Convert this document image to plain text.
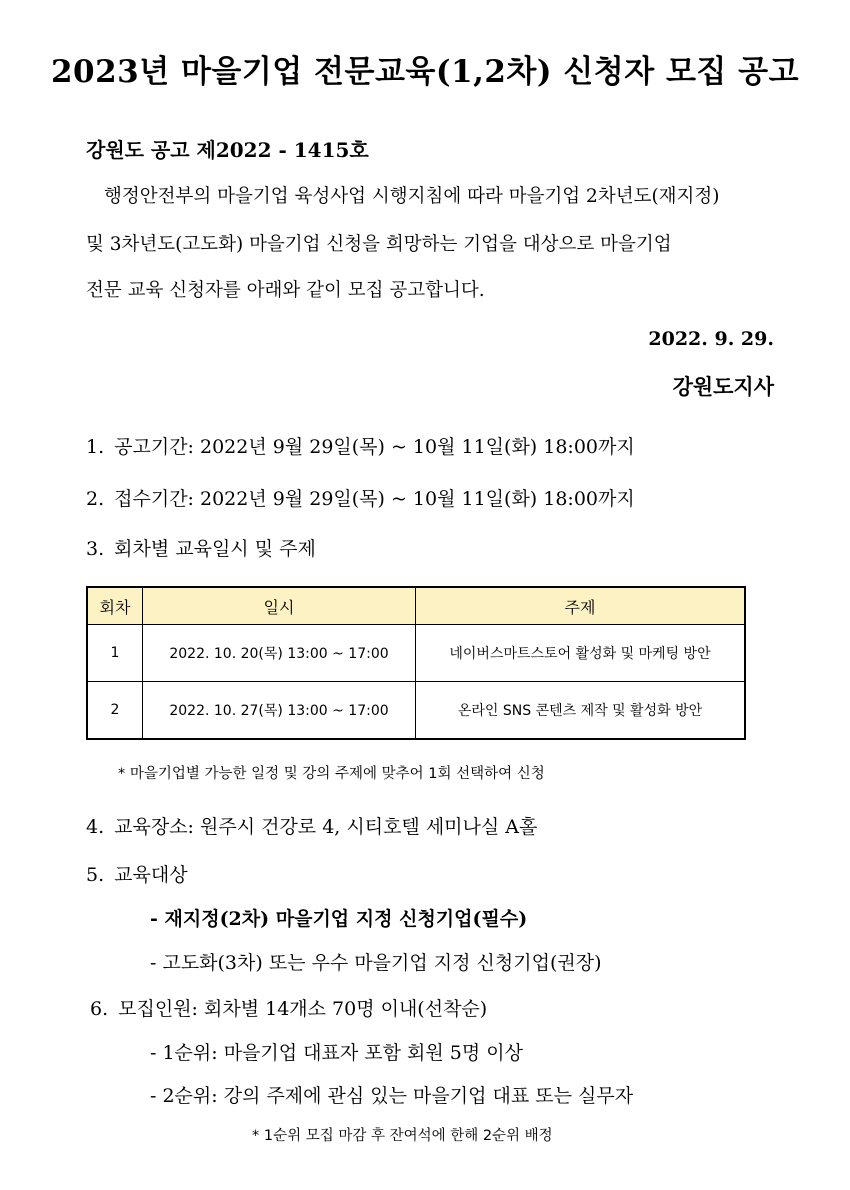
2023년 마을기업 전문교육(1,2차) 신청자 모집 공고
강원도 공고 제2022 - 1415호
행정안전부의 마을기업 육성사업 시행지침에 따라 마을기업 2차년도(재지정)
및 3차년도(고도화) 마을기업 신청을 희망하는 기업을 대상으로 마을기업
전문 교육 신청자를 아래와 같이 모집 공고합니다.
2022. 9. 29.
강원도지사
1. 공고기간: 2022년 9월 29일(목) ~ 10월 11일(화) 18:00까지
2. 접수기간: 2022년 9월 29일(목) ~ 10월 11일(화) 18:00까지
3. 회차별 교육일시 및 주제
회차	일시	주제
1	2022. 10. 20(목) 13:00 ~ 17:00	네이버스마트스토어 활성화 및 마케팅 방안
2	2022. 10. 27(목) 13:00 ~ 17:00	온라인 SNS 콘텐츠 제작 및 활성화 방안
* 마을기업별 가능한 일정 및 강의 주제에 맞추어 1회 선택하여 신청
4. 교육장소: 원주시 건강로 4, 시티호텔 세미나실 A홀
5. 교육대상
- 재지정(2차) 마을기업 지정 신청기업(필수)
- 고도화(3차) 또는 우수 마을기업 지정 신청기업(권장)
6. 모집인원: 회차별 14개소 70명 이내(선착순)
- 1순위: 마을기업 대표자 포함 회원 5명 이상
- 2순위: 강의 주제에 관심 있는 마을기업 대표 또는 실무자
* 1순위 모집 마감 후 잔여석에 한해 2순위 배정
